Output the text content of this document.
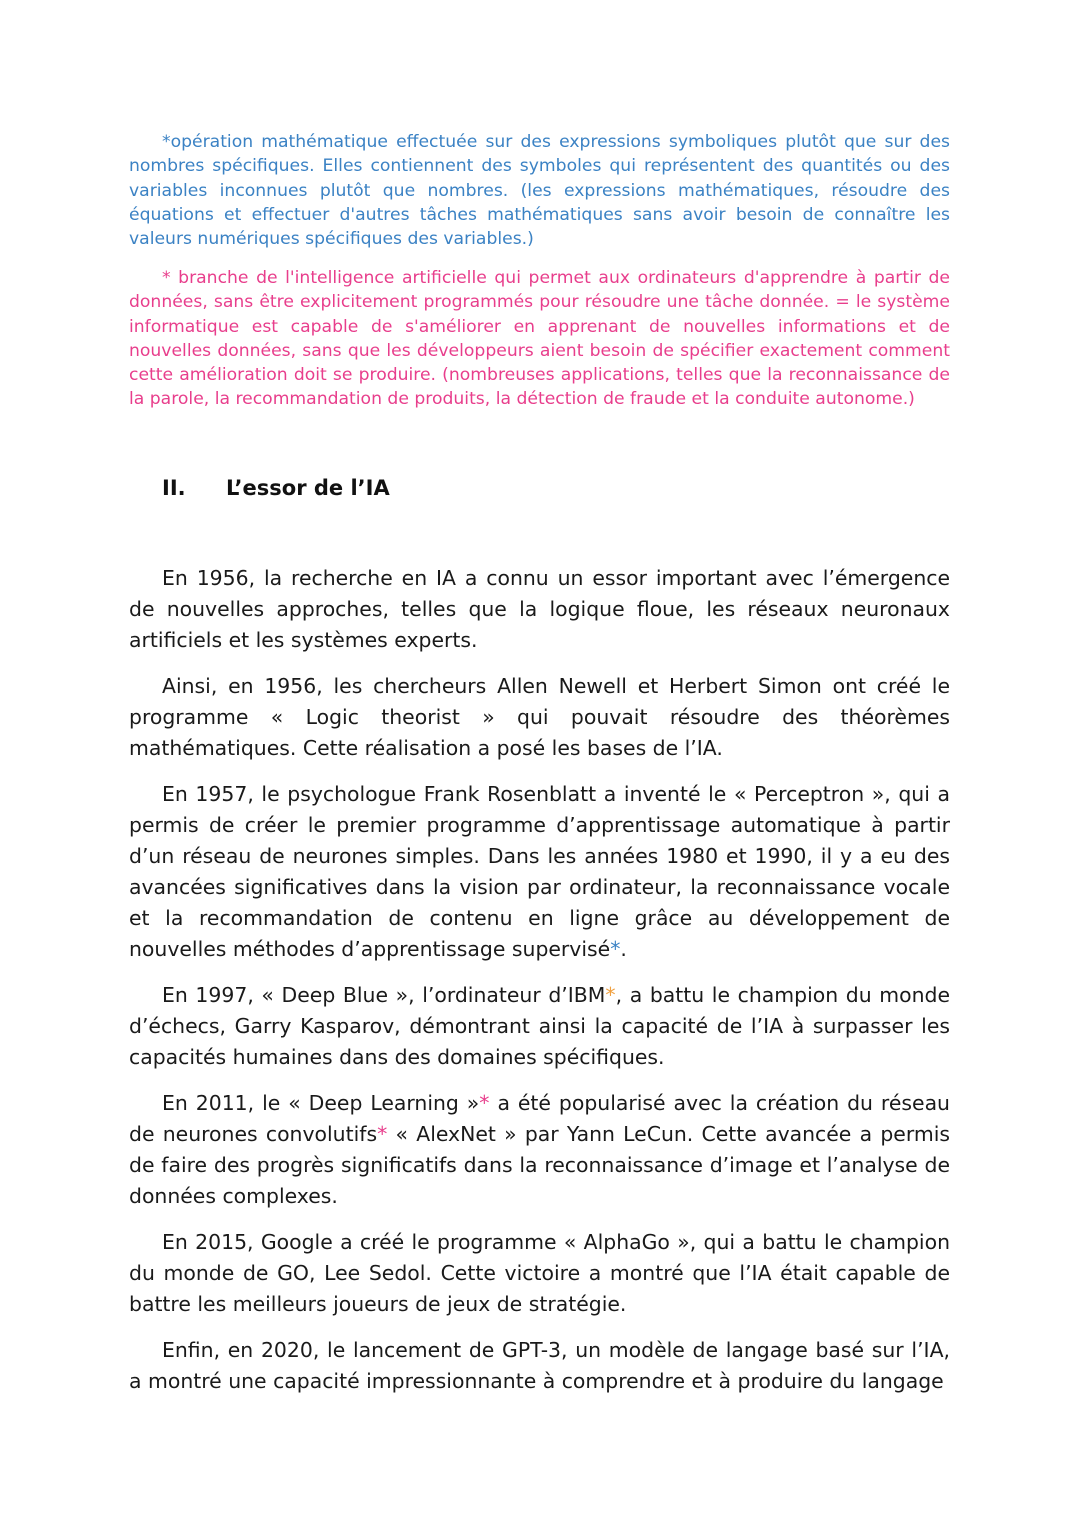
*opération mathématique effectuée sur des expressions symboliques plutôt que sur des nombres spécifiques. Elles contiennent des symboles qui représentent des quantités ou des variables inconnues plutôt que nombres. (les expressions mathématiques, résoudre des équations et effectuer d'autres tâches mathématiques sans avoir besoin de connaître les valeurs numériques spécifiques des variables.)

* branche de l'intelligence artificielle qui permet aux ordinateurs d'apprendre à partir de données, sans être explicitement programmés pour résoudre une tâche donnée. = le système informatique est capable de s'améliorer en apprenant de nouvelles informations et de nouvelles données, sans que les développeurs aient besoin de spécifier exactement comment cette amélioration doit se produire. (nombreuses applications, telles que la reconnaissance de la parole, la recommandation de produits, la détection de fraude et la conduite autonome.)

II. L’essor de l’IA

En 1956, la recherche en IA a connu un essor important avec l’émergence de nouvelles approches, telles que la logique floue, les réseaux neuronaux artificiels et les systèmes experts.

Ainsi, en 1956, les chercheurs Allen Newell et Herbert Simon ont créé le programme « Logic theorist » qui pouvait résoudre des théorèmes mathématiques. Cette réalisation a posé les bases de l’IA.

En 1957, le psychologue Frank Rosenblatt a inventé le « Perceptron », qui a permis de créer le premier programme d’apprentissage automatique à partir d’un réseau de neurones simples. Dans les années 1980 et 1990, il y a eu des avancées significatives dans la vision par ordinateur, la reconnaissance vocale et la recommandation de contenu en ligne grâce au développement de nouvelles méthodes d’apprentissage supervisé*.

En 1997, « Deep Blue », l’ordinateur d’IBM*, a battu le champion du monde d’échecs, Garry Kasparov, démontrant ainsi la capacité de l’IA à surpasser les capacités humaines dans des domaines spécifiques.

En 2011, le « Deep Learning »* a été popularisé avec la création du réseau de neurones convolutifs* « AlexNet » par Yann LeCun. Cette avancée a permis de faire des progrès significatifs dans la reconnaissance d’image et l’analyse de données complexes.

En 2015, Google a créé le programme « AlphaGo », qui a battu le champion du monde de GO, Lee Sedol. Cette victoire a montré que l’IA était capable de battre les meilleurs joueurs de jeux de stratégie.

Enfin, en 2020, le lancement de GPT-3, un modèle de langage basé sur l’IA, a montré une capacité impressionnante à comprendre et à produire du langage
